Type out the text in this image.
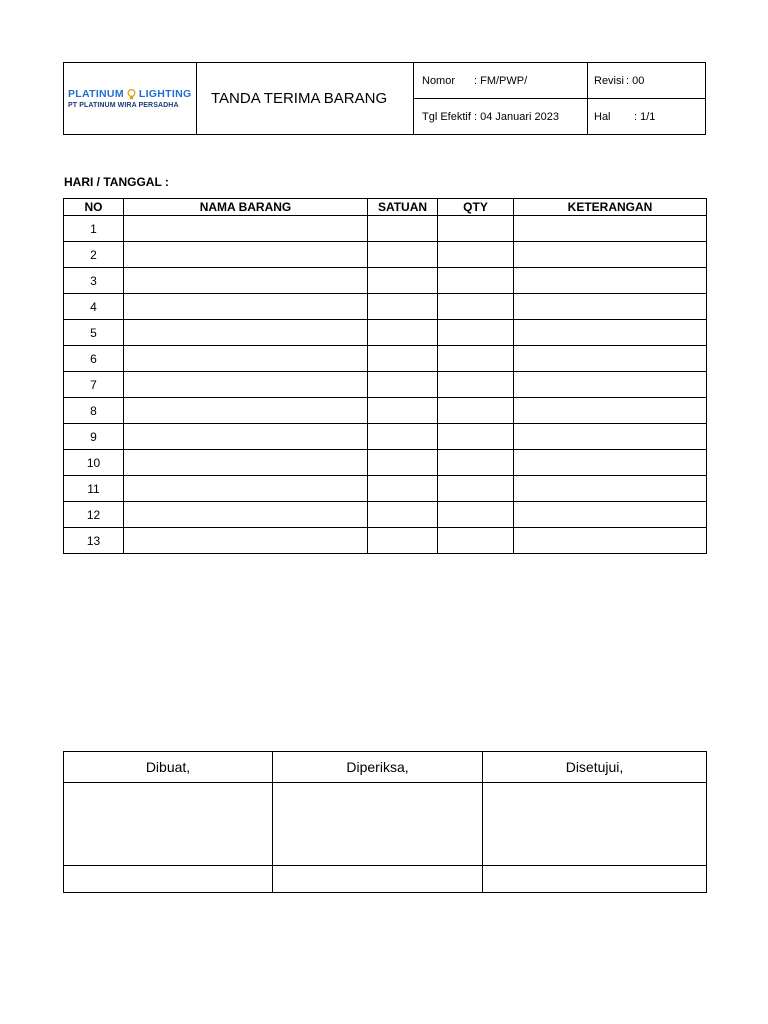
PLATINUM LIGHTING
PT PLATINUM WIRA PERSADHA	TANDA TERIMA BARANG	Nomor : FM/PWP/	Revisi : 00
		Tgl Efektif : 04 Januari 2023	Hal : 1/1
HARI / TANGGAL :
NO	NAMA BARANG	SATUAN	QTY	KETERANGAN
1				
2				
3				
4				
5				
6				
7				
8				
9				
10				
11				
12				
13				
Dibuat,	Diperiksa,	Disetujui,
